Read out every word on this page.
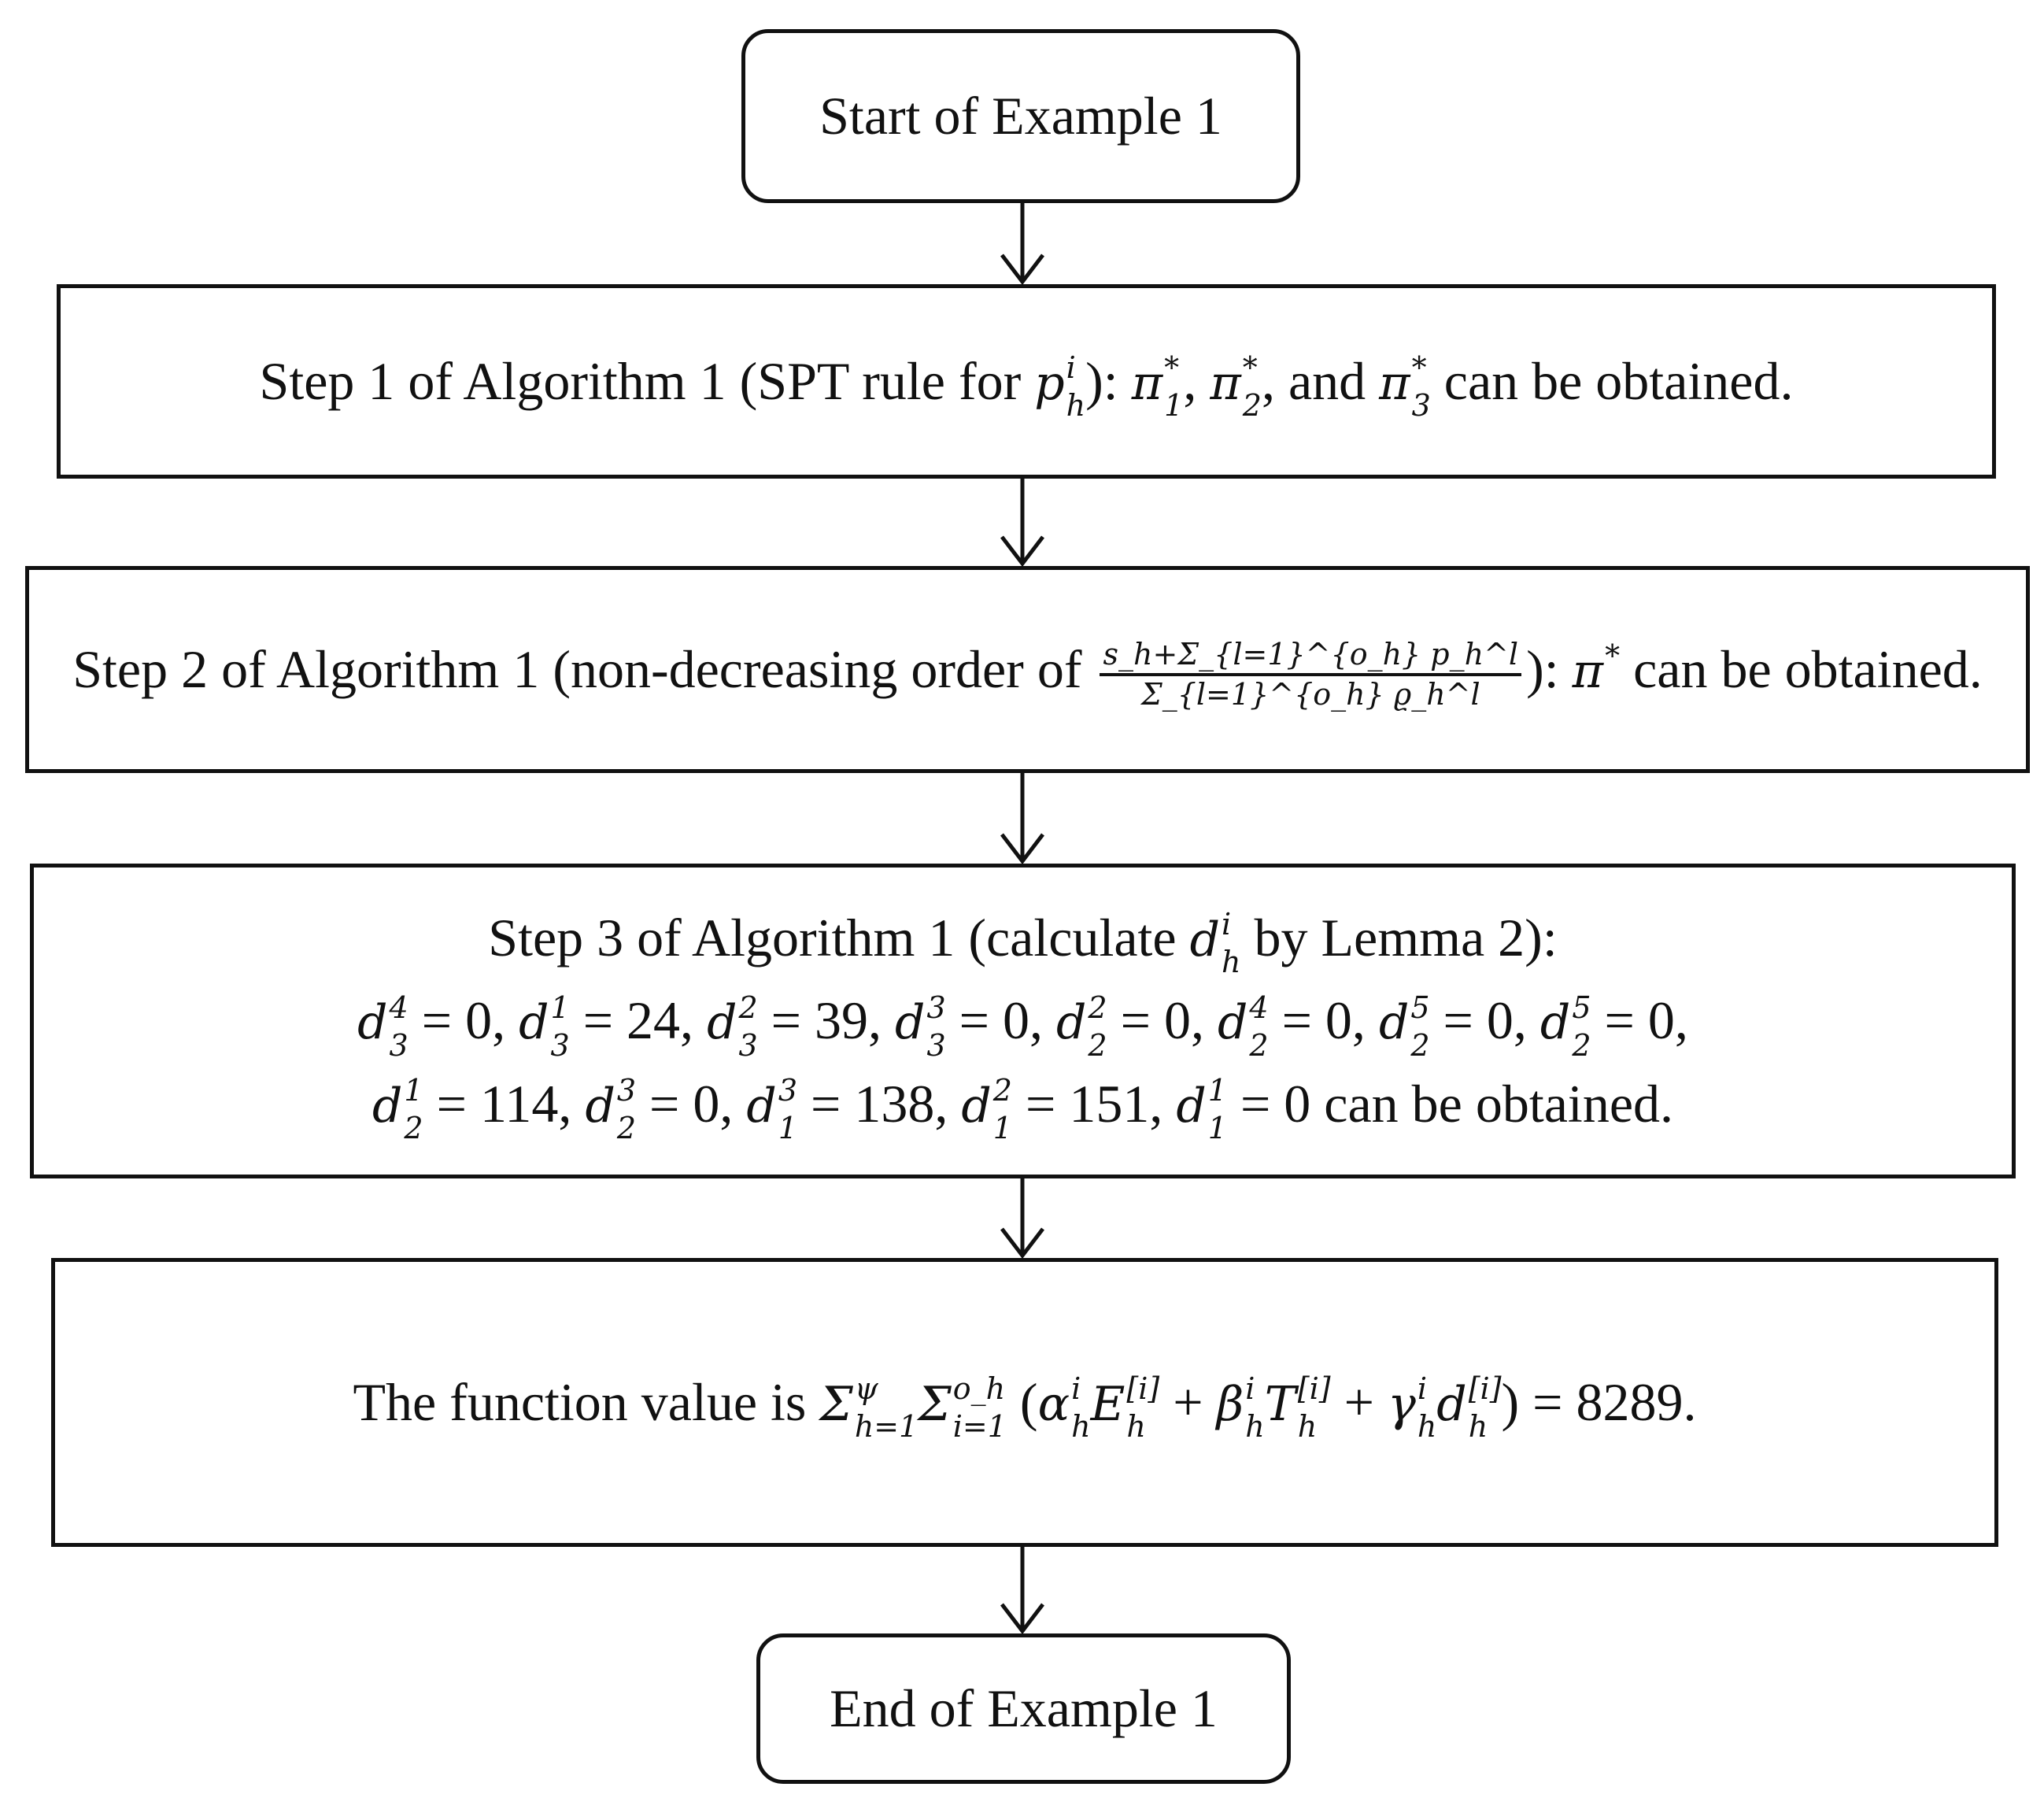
Start of Example 1
Step 1 of Algorithm 1 (SPT rule for p i
h ): π *
1 , π *
2 , and π *
3 can be obtained.
Step 2 of Algorithm 1 (non-decreasing order of $\frac{s\_h+\Sigma\_\{l=1\}\^{}\{o\_h\} p\_h\^{}l}{\Sigma\_\{l=1\}\^{}\{o\_h\} ϱ\_h\^{}l}$ ): π *
can be obtained.
Step 3 of Algorithm 1 (calculate d i
h by Lemma 2):
d 4
3 = 0, d 1
3 = 24, d 2
3 = 39, d 3
3 = 0, d 2
2 = 0, d 4
2 = 0, d 5
2 = 0, d 5
2 = 0,
d 1
2 = 114, d 3
2 = 0, d 3
1 = 138, d 2
1 = 151, d 1
1 = 0 can be obtained.
The function value is Σ ψ
h=1 Σ o_h
i=1 (α i
h E [i]
h + β i
h T [i]
h + γ i
h d [i]
h ) = 8289.
End of Example 1
